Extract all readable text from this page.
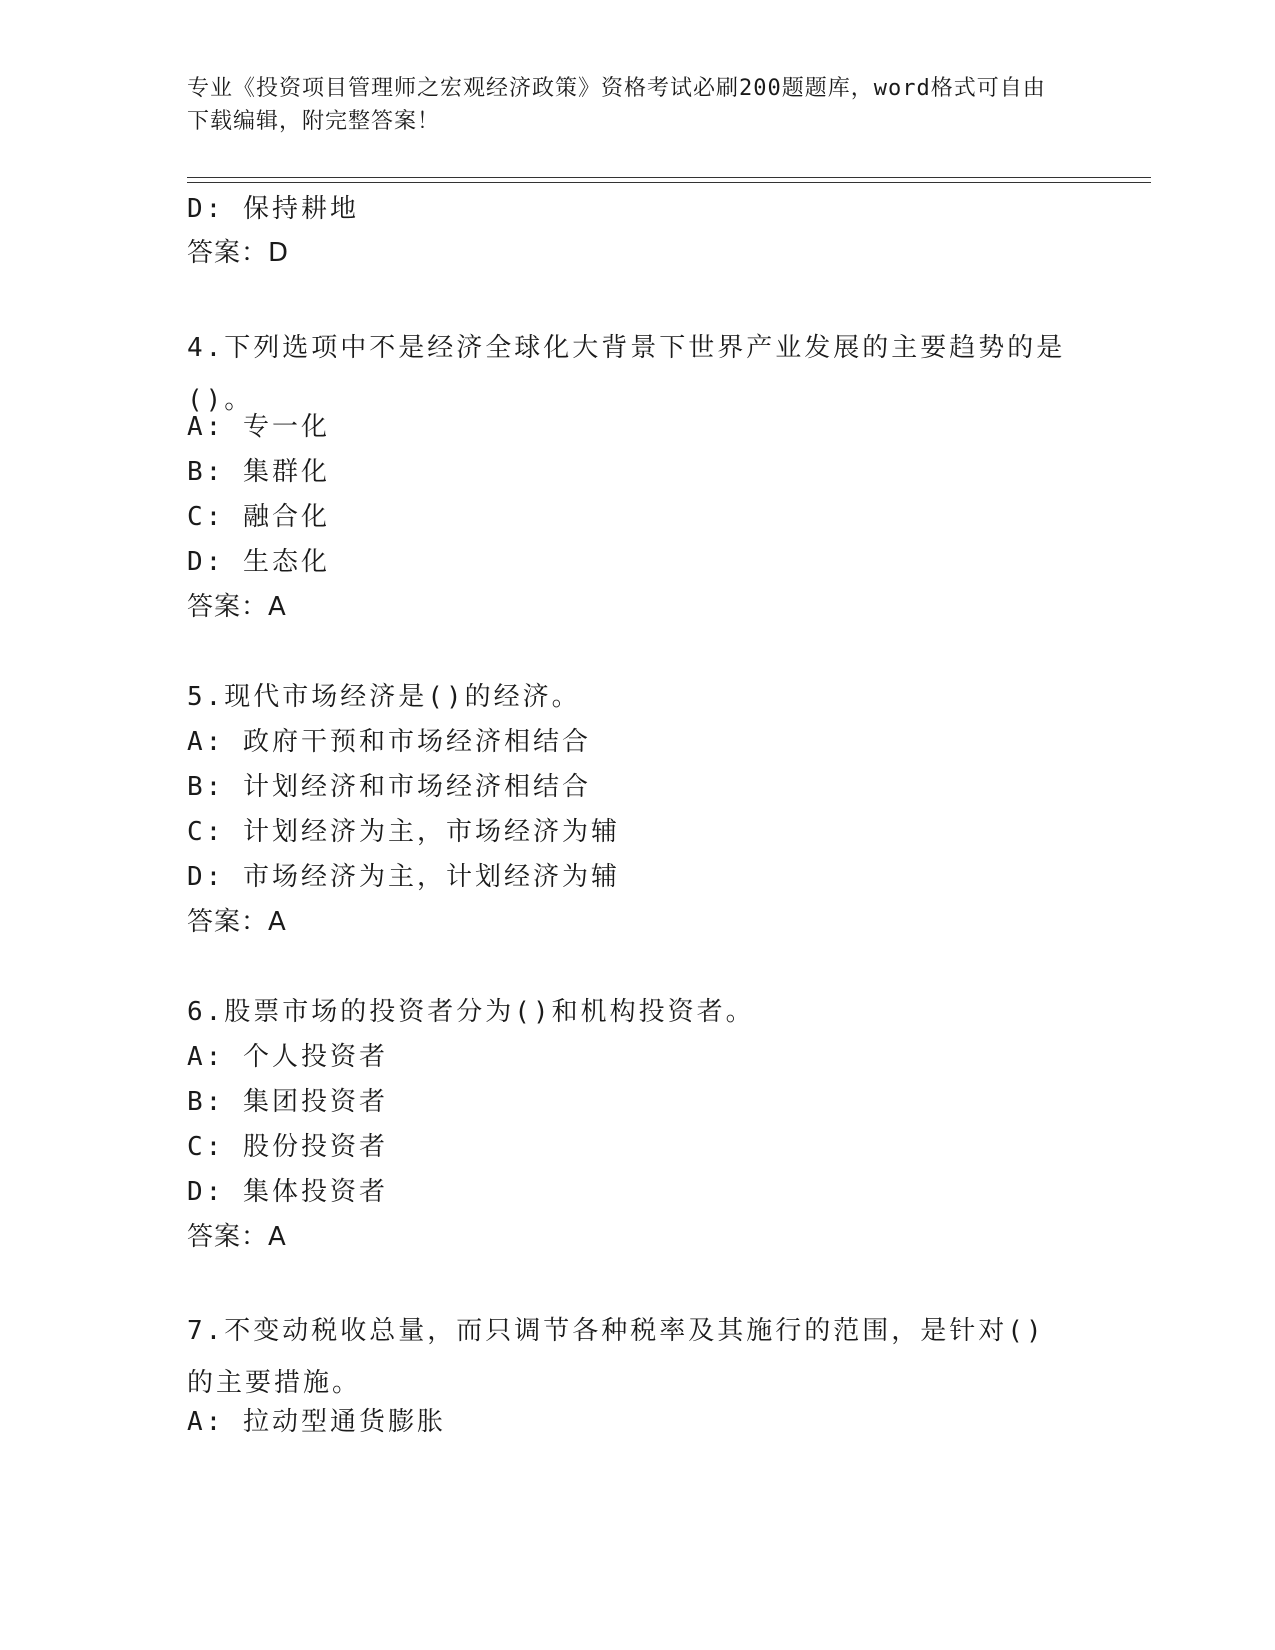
专业《投资项目管理师之宏观经济政策》资格考试必刷200题题库，word格式可自由下载编辑，附完整答案！
D: 保持耕地
答案：D
4.下列选项中不是经济全球化大背景下世界产业发展的主要趋势的是()。
A: 专一化
B: 集群化
C: 融合化
D: 生态化
答案：A
5.现代市场经济是()的经济。
A: 政府干预和市场经济相结合
B: 计划经济和市场经济相结合
C: 计划经济为主，市场经济为辅
D: 市场经济为主，计划经济为辅
答案：A
6.股票市场的投资者分为()和机构投资者。
A: 个人投资者
B: 集团投资者
C: 股份投资者
D: 集体投资者
答案：A
7.不变动税收总量，而只调节各种税率及其施行的范围，是针对()的主要措施。
A: 拉动型通货膨胀
